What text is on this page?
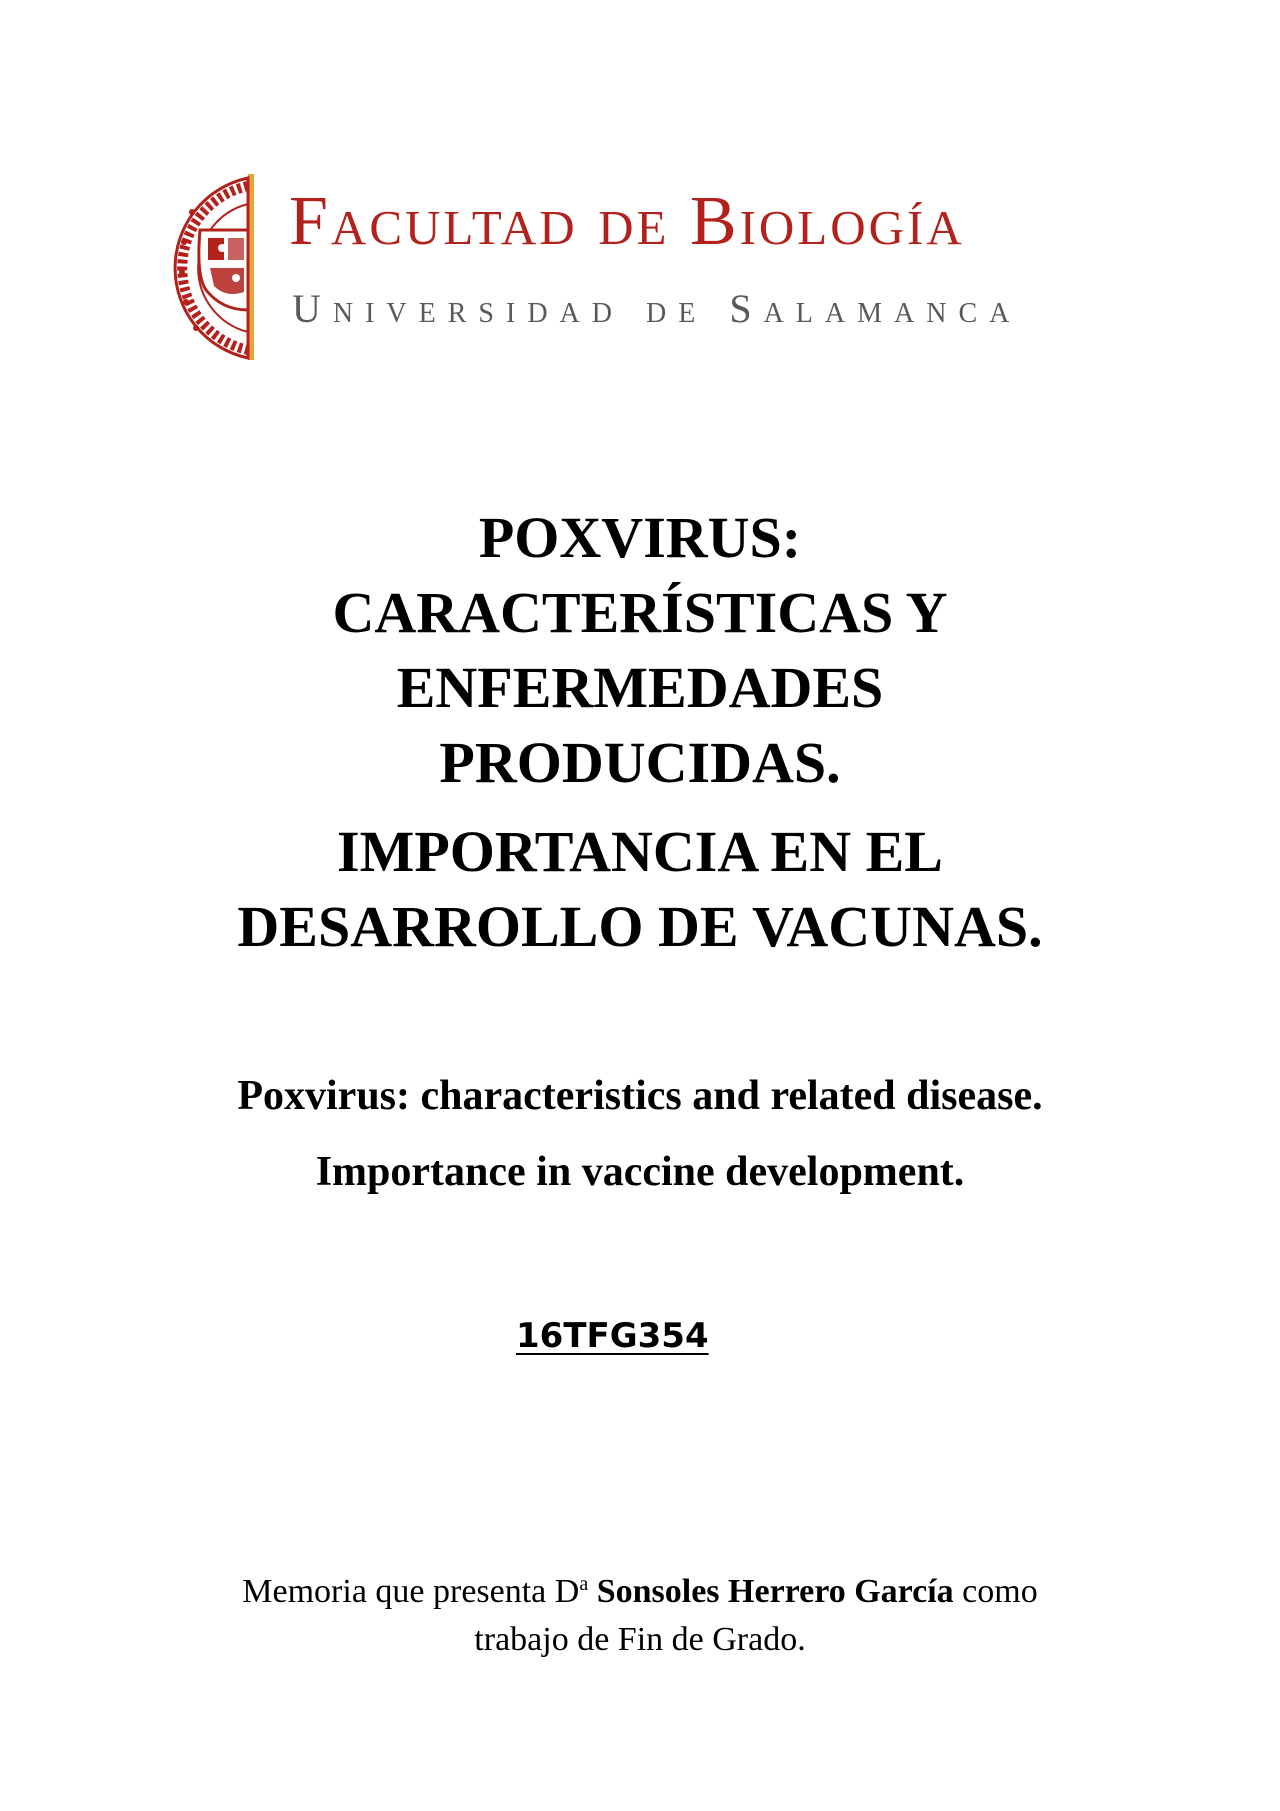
Facultad de Biología
Universidad de Salamanca
POXVIRUS:
CARACTERÍSTICAS Y
ENFERMEDADES
PRODUCIDAS.
IMPORTANCIA EN EL
DESARROLLO DE VACUNAS.
Poxvirus: characteristics and related disease.
Importance in vaccine development.
16TFG354
Memoria que presenta $D^a$ Sonsoles Herrero García como
trabajo de Fin de Grado.
